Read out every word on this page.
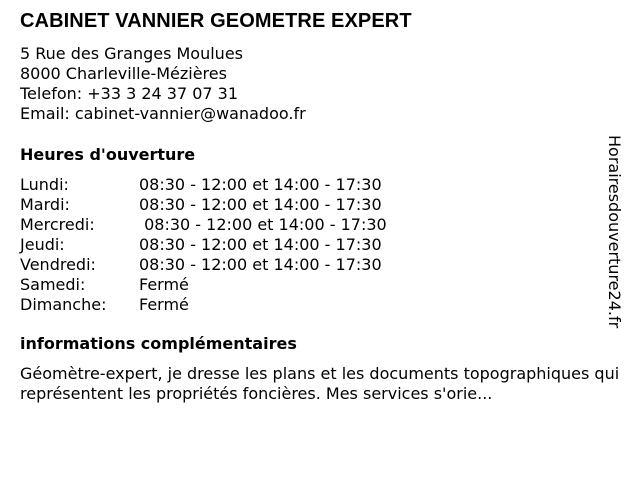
CABINET VANNIER GEOMETRE EXPERT
5 Rue des Granges Moulues
8000 Charleville-Mézières
Telefon: +33 3 24 37 07 31
Email: cabinet-vannier@wanadoo.fr
Heures d'ouverture
Lundi:	08:30 - 12:00 et 14:00 - 17:30
Mardi:	08:30 - 12:00 et 14:00 - 17:30
Mercredi:	08:30 - 12:00 et 14:00 - 17:30
Jeudi:	08:30 - 12:00 et 14:00 - 17:30
Vendredi:	08:30 - 12:00 et 14:00 - 17:30
Samedi:	Fermé
Dimanche: Fermé
informations complémentaires
Géomètre-expert, je dresse les plans et les documents topographiques qui représentent les propriétés foncières. Mes services s'orie...
Horairesdouverture24.fr
